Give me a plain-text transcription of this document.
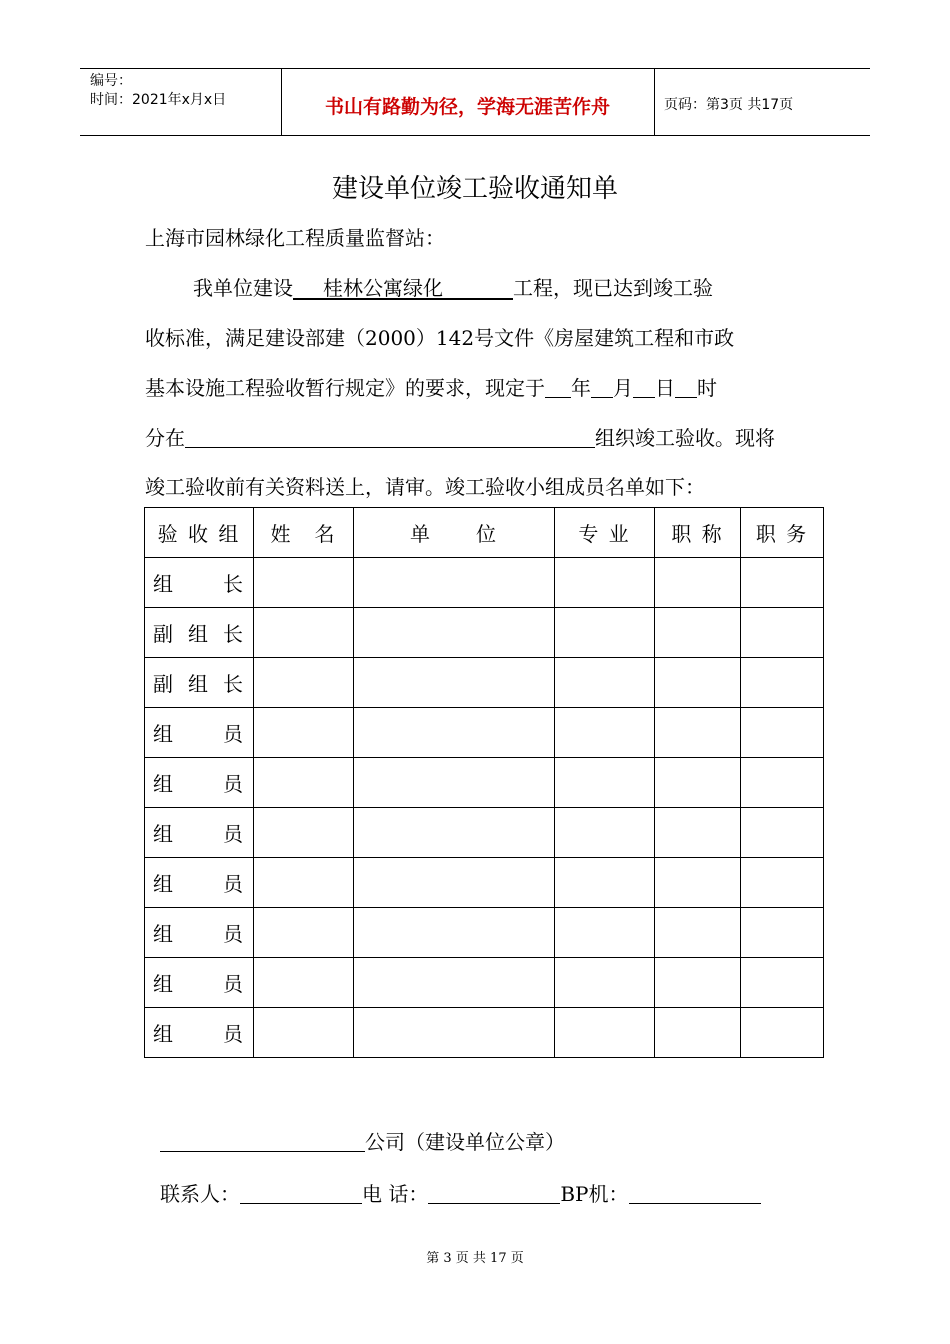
编号：
时间：2021年x月x日	书山有路勤为径，学海无涯苦作舟	页码：第3页 共17页
建设单位竣工验收通知单
上海市园林绿化工程质量监督站：
我单位建设   桂林公寓绿化    	工程，现已达到竣工验
收标准，满足建设部建（2000）142号文件《房屋建筑工程和市政
基本设施工程验收暂行规定》的要求，现定于 年 月 日 时
分在	组织竣工验收。现将
竣工验收前有关资料送上，请审。竣工验收小组成员名单如下：
验 收 组	姓　名	单　　位	专 业	职 称	职 务
组　长					
副 组 长					
副 组 长					
组　员					
组　员					
组　员					
组　员					
组　员					
组　员					
组　员					
公司（建设单位公章）
联系人：	电 话：	BP机：
第 3 页 共 17 页
